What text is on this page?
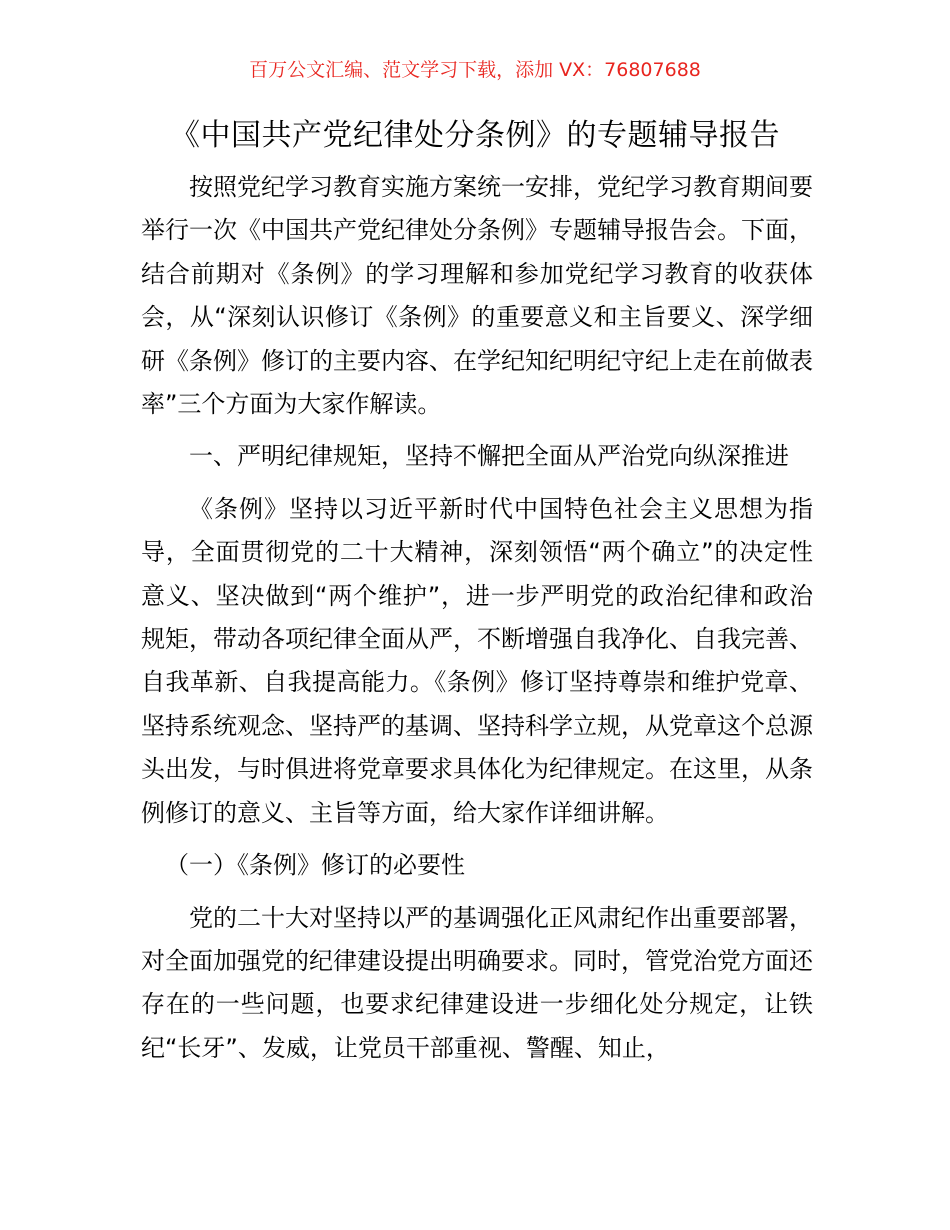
百万公文汇编、范文学习下载，添加 VX：76807688
《中国共产党纪律处分条例》的专题辅导报告

按照党纪学习教育实施方案统一安排，党纪学习教育期间要举行一次《中国共产党纪律处分条例》专题辅导报告会。下面，结合前期对《条例》的学习理解和参加党纪学习教育的收获体会，从“深刻认识修订《条例》的重要意义和主旨要义、深学细研《条例》修订的主要内容、在学纪知纪明纪守纪上走在前做表率”三个方面为大家作解读。

一、严明纪律规矩，坚持不懈把全面从严治党向纵深推进

《条例》坚持以习近平新时代中国特色社会主义思想为指导，全面贯彻党的二十大精神，深刻领悟“两个确立”的决定性意义、坚决做到“两个维护”，进一步严明党的政治纪律和政治规矩，带动各项纪律全面从严，不断增强自我净化、自我完善、自我革新、自我提高能力。《条例》修订坚持尊崇和维护党章、坚持系统观念、坚持严的基调、坚持科学立规，从党章这个总源头出发，与时俱进将党章要求具体化为纪律规定。在这里，从条例修订的意义、主旨等方面，给大家作详细讲解。

（一）《条例》修订的必要性

党的二十大对坚持以严的基调强化正风肃纪作出重要部署，对全面加强党的纪律建设提出明确要求。同时，管党治党方面还存在的一些问题，也要求纪律建设进一步细化处分规定，让铁纪“长牙”、发威，让党员干部重视、警醒、知止，
